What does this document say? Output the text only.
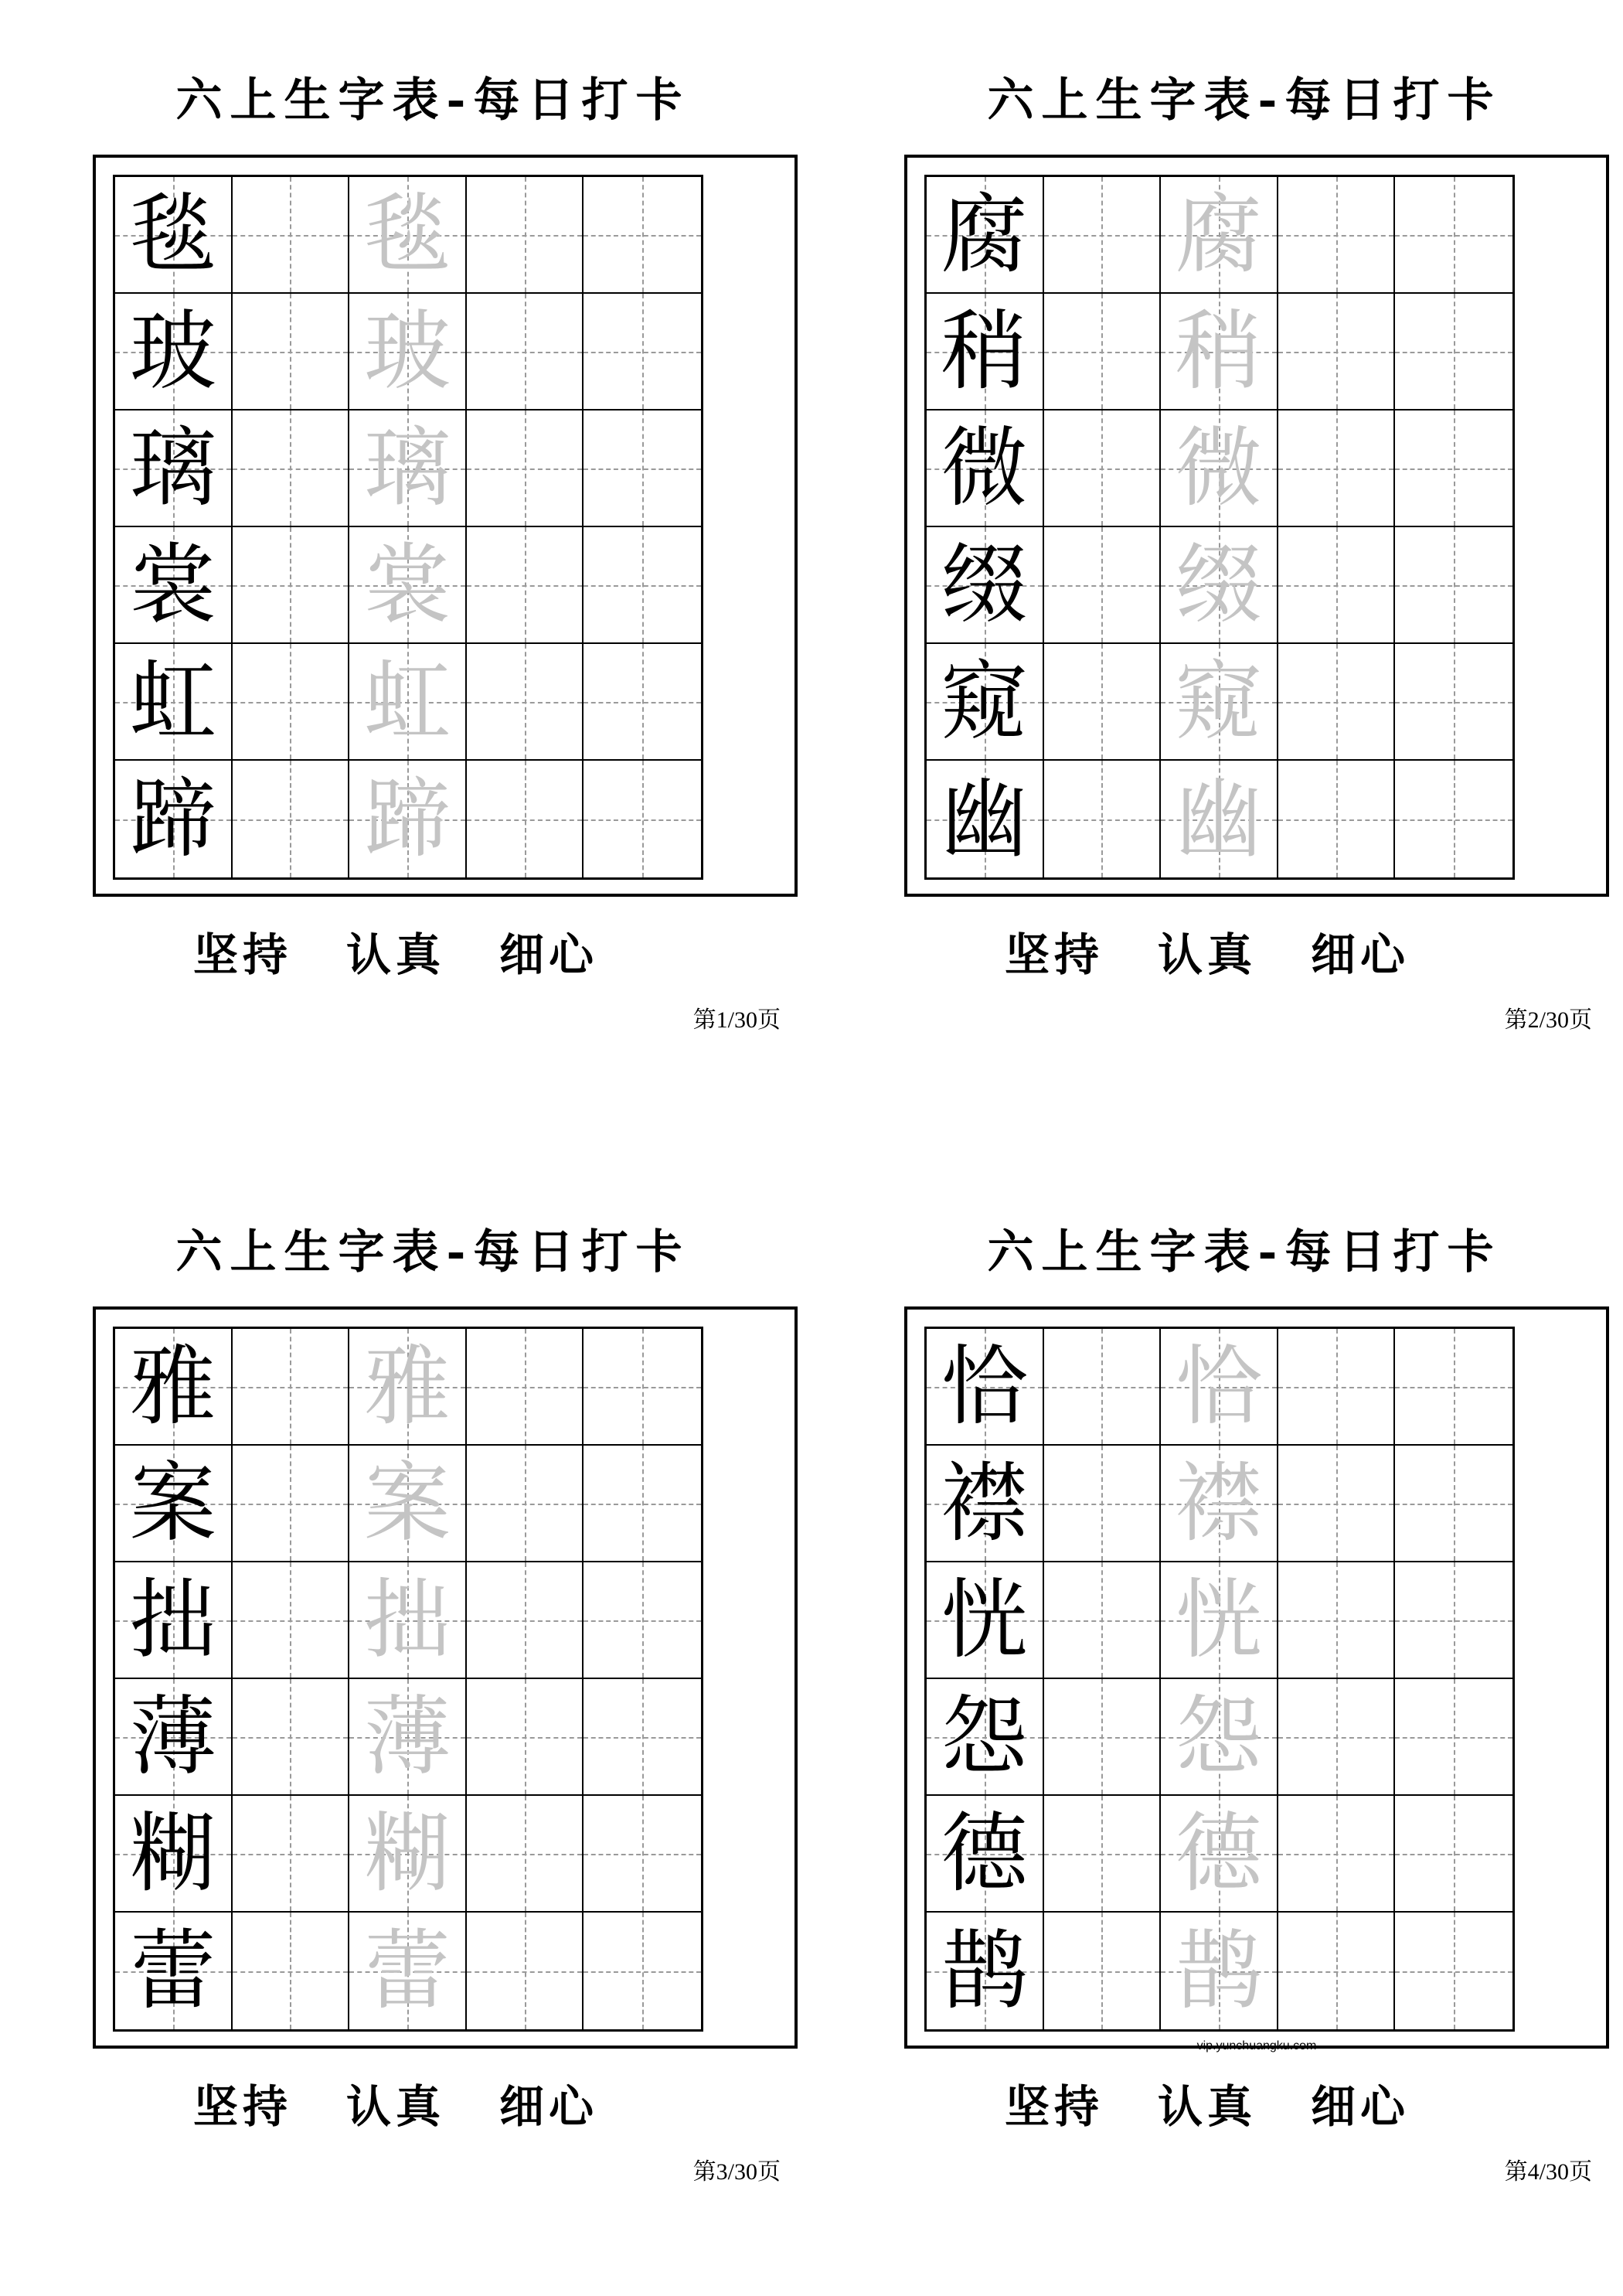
六上生字表-每日打卡
毯 毯
玻 玻
璃 璃
裳 裳
虹 虹
蹄 蹄
坚持 认真 细心
第1/30页
六上生字表-每日打卡
腐 腐
稍 稍
微 微
缀 缀
窥 窥
幽 幽
坚持 认真 细心
第2/30页
六上生字表-每日打卡
雅 雅
案 案
拙 拙
薄 薄
糊 糊
蕾 蕾
坚持 认真 细心
第3/30页
六上生字表-每日打卡
恰 恰
襟 襟
恍 恍
怨 怨
德 德
鹊 鹊
vip.yunchuangku.com
坚持 认真 细心
第4/30页
